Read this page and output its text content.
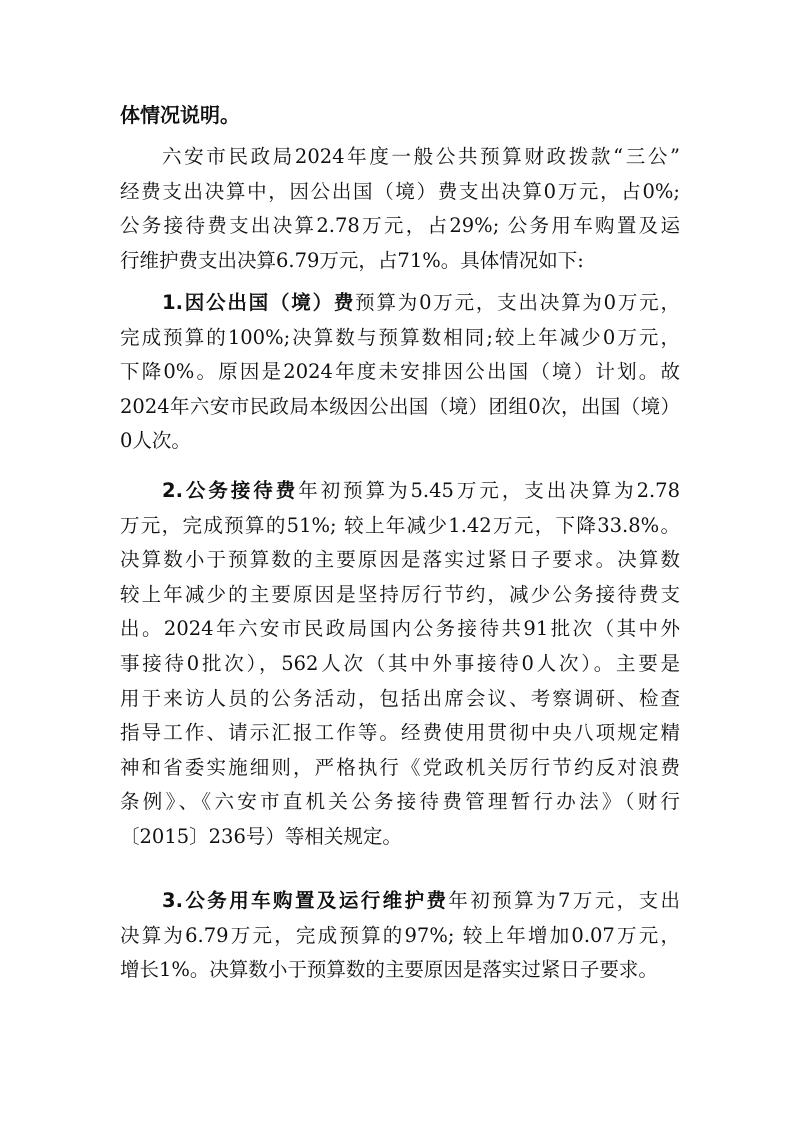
体情况说明。
六安市民政局2024年度一般公共预算财政拨款“三公”
经费支出决算中，因公出国（境）费支出决算0万元，占0%;
公务接待费支出决算2.78万元，占29%; 公务用车购置及运
行维护费支出决算6.79万元，占71%。具体情况如下:
1.因公出国（境）费预算为0万元，支出决算为0万元，
完成预算的100%;决算数与预算数相同;较上年减少0万元，
下降0%。原因是2024年度未安排因公出国（境）计划。故
2024年六安市民政局本级因公出国（境）团组0次，出国（境）
0人次。
2.公务接待费年初预算为5.45万元，支出决算为2.78
万元，完成预算的51%; 较上年减少1.42万元，下降33.8%。
决算数小于预算数的主要原因是落实过紧日子要求。决算数
较上年减少的主要原因是坚持厉行节约，减少公务接待费支
出。2024年六安市民政局国内公务接待共91批次（其中外
事接待0批次），562人次（其中外事接待0人次）。主要是
用于来访人员的公务活动，包括出席会议、考察调研、检查
指导工作、请示汇报工作等。经费使用贯彻中央八项规定精
神和省委实施细则，严格执行《党政机关厉行节约反对浪费
条例》、《六安市直机关公务接待费管理暂行办法》（财行
〔2015〕236号）等相关规定。
3.公务用车购置及运行维护费年初预算为7万元，支出
决算为6.79万元，完成预算的97%; 较上年增加0.07万元，
增长1%。决算数小于预算数的主要原因是落实过紧日子要求。
